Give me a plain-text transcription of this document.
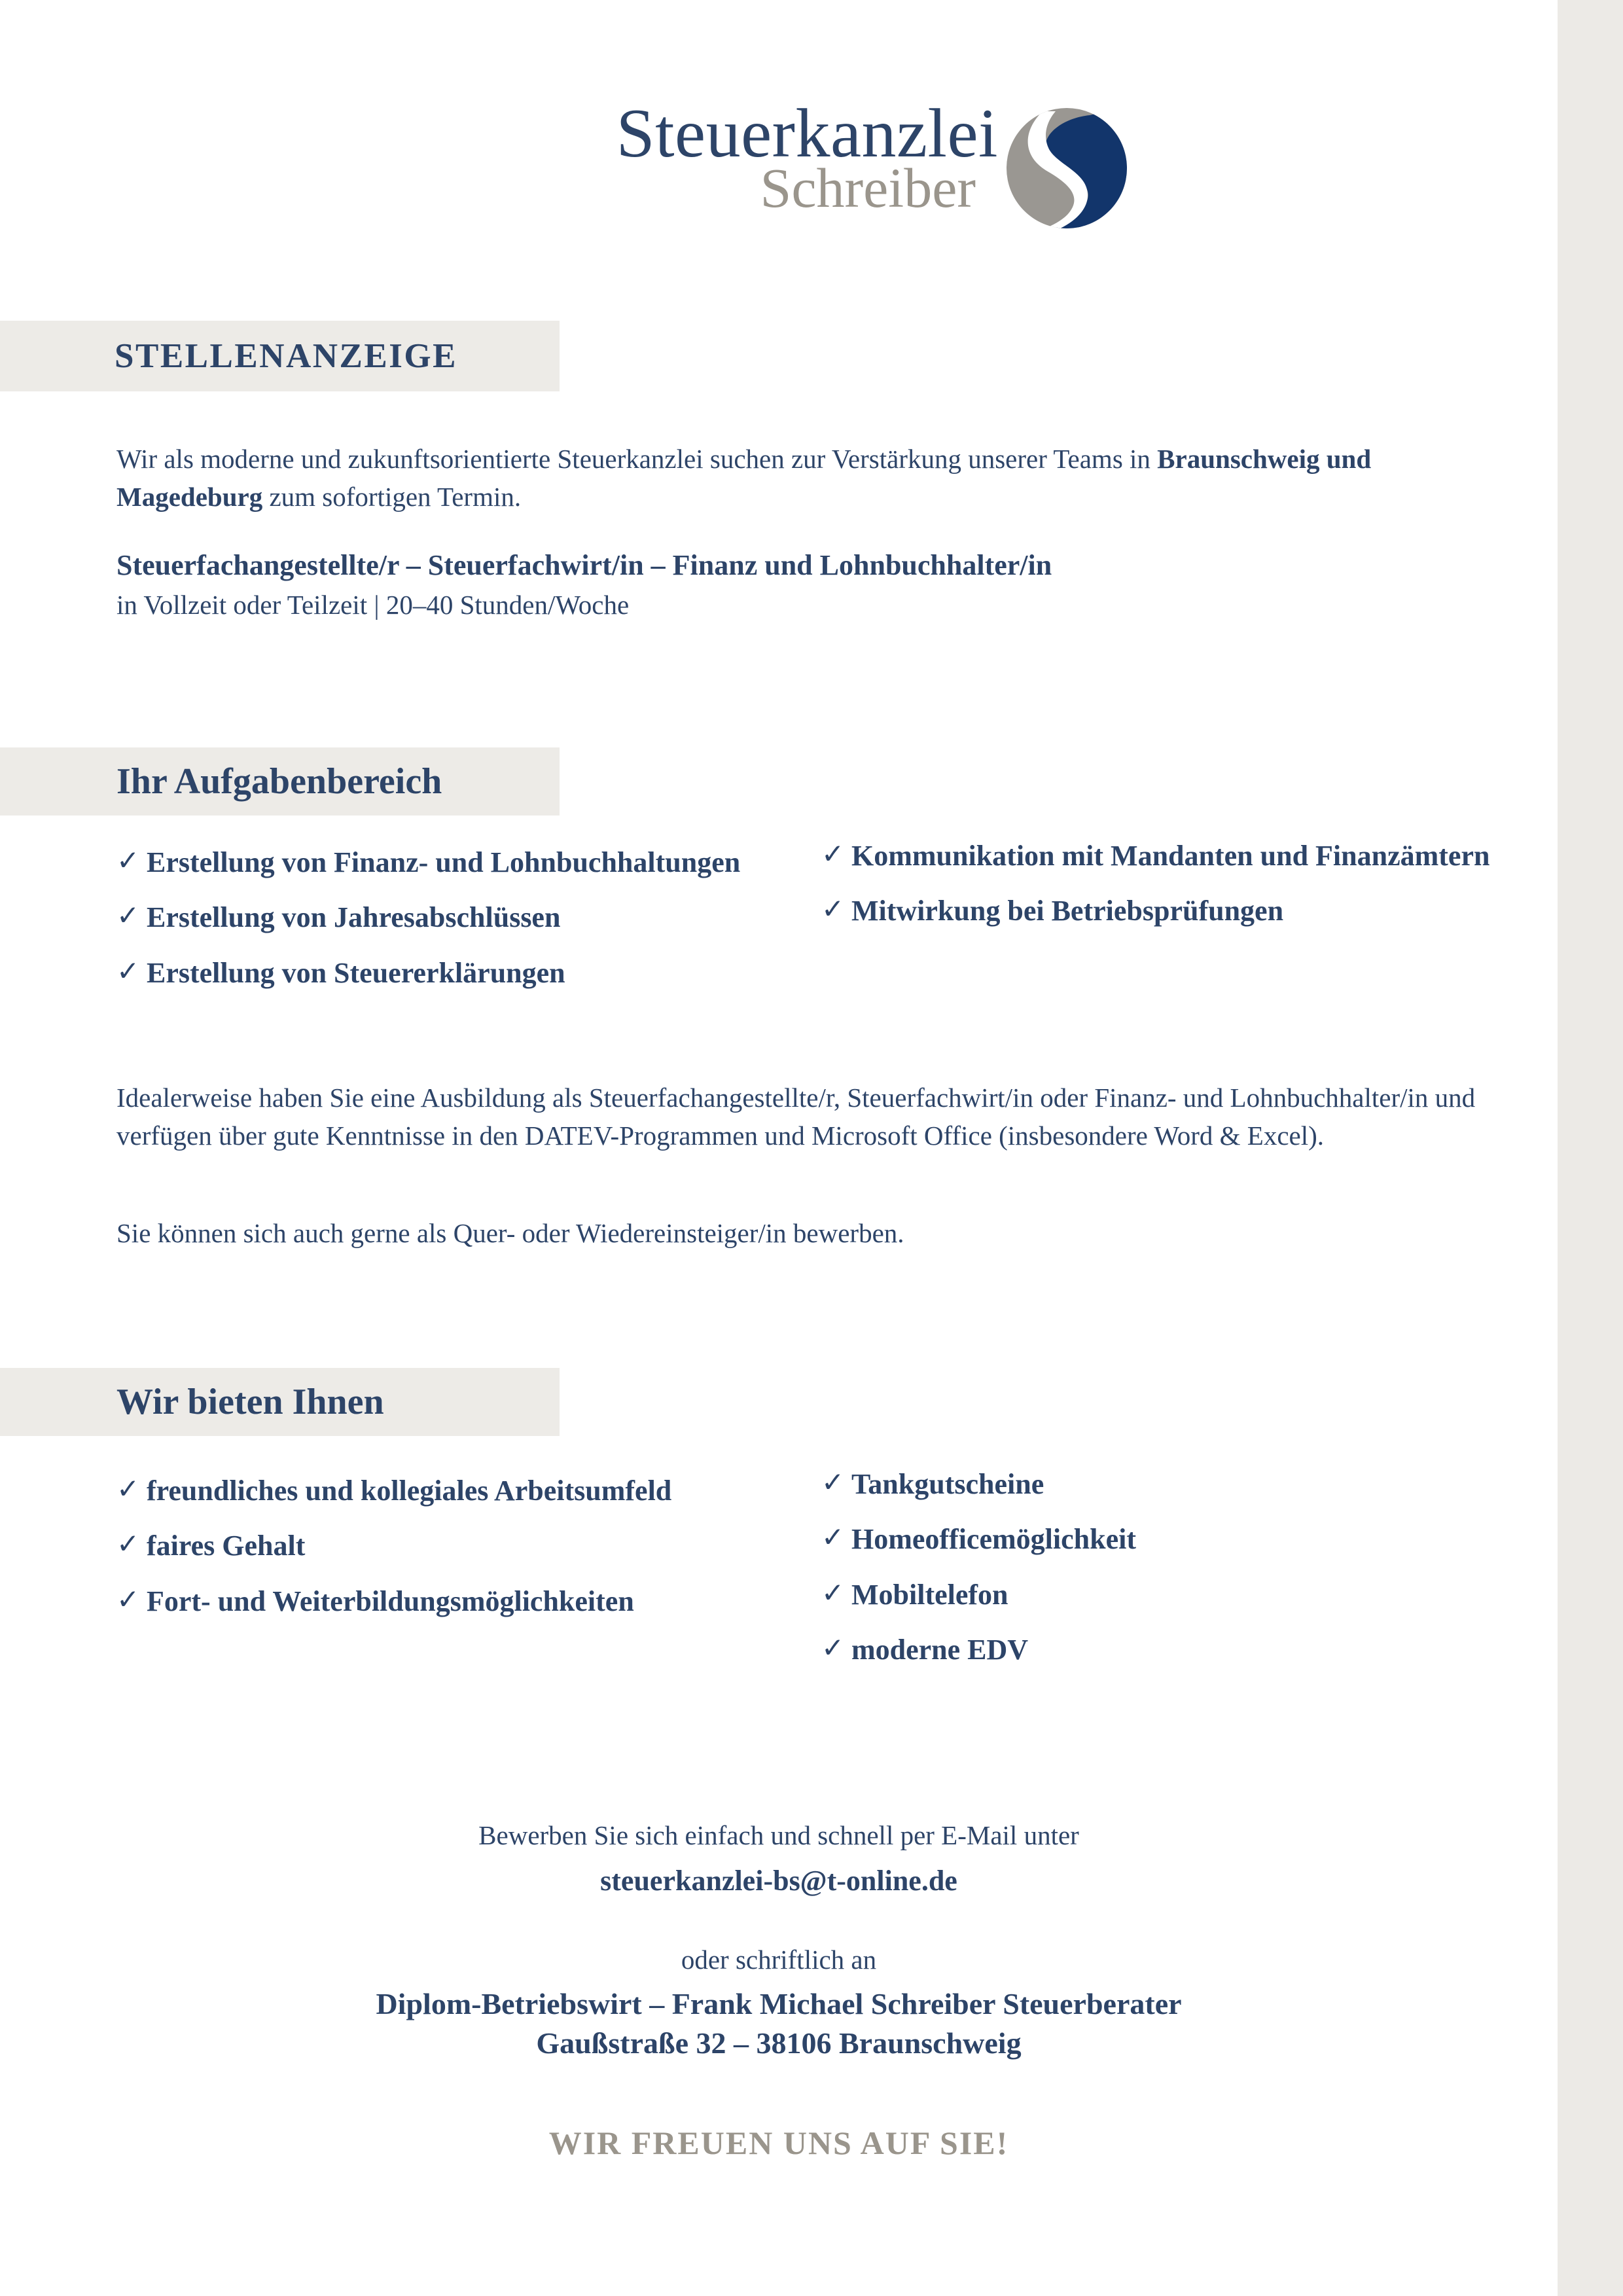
Steuerkanzlei
Schreiber
STELLENANZEIGE
Wir als moderne und zukunftsorientierte Steuerkanzlei suchen zur Verstärkung unserer Teams in Braunschweig und Magedeburg zum sofortigen Termin.
Steuerfachangestellte/r – Steuerfachwirt/in – Finanz und Lohnbuchhalter/in
in Vollzeit oder Teilzeit | 20–40 Stunden/Woche
Ihr Aufgabenbereich
✓ Erstellung von Finanz- und Lohnbuchhaltungen
✓ Erstellung von Jahresabschlüssen
✓ Erstellung von Steuererklärungen
✓ Kommunikation mit Mandanten und Finanzämtern
✓ Mitwirkung bei Betriebsprüfungen
Idealerweise haben Sie eine Ausbildung als Steuerfachangestellte/r, Steuerfachwirt/in oder Finanz- und Lohnbuchhalter/in und verfügen über gute Kenntnisse in den DATEV-Programmen und Microsoft Office (insbesondere Word & Excel).
Sie können sich auch gerne als Quer- oder Wiedereinsteiger/in bewerben.
Wir bieten Ihnen
✓ freundliches und kollegiales Arbeitsumfeld
✓ faires Gehalt
✓ Fort- und Weiterbildungsmöglichkeiten
✓ Tankgutscheine
✓ Homeofficemöglichkeit
✓ Mobiltelefon
✓ moderne EDV
Bewerben Sie sich einfach und schnell per E-Mail unter
steuerkanzlei-bs@t-online.de
oder schriftlich an
Diplom-Betriebswirt – Frank Michael Schreiber Steuerberater
Gaußstraße 32 – 38106 Braunschweig
WIR FREUEN UNS AUF SIE!
